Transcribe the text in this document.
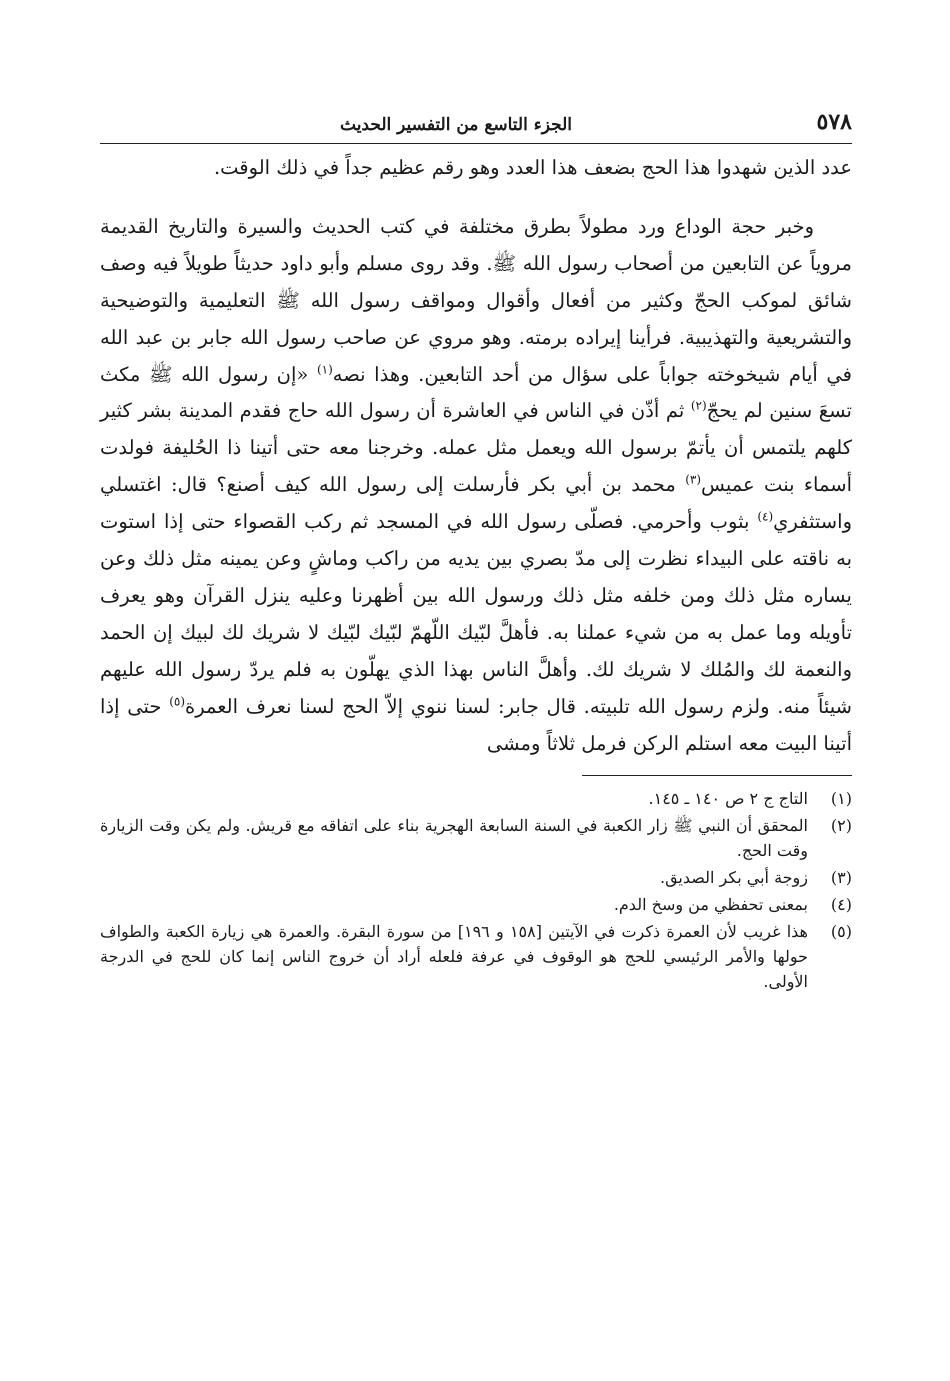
٥٧٨
الجزء التاسع من التفسير الحديث

عدد الذين شهدوا هذا الحج بضعف هذا العدد وهو رقم عظيم جداً في ذلك الوقت.

وخبر حجة الوداع ورد مطولاً بطرق مختلفة في كتب الحديث والسيرة والتاريخ القديمة مروياً عن التابعين من أصحاب رسول الله ﷺ. وقد روى مسلم وأبو داود حديثاً طويلاً فيه وصف شائق لموكب الحجّ وكثير من أفعال وأقوال ومواقف رسول الله ﷺ التعليمية والتوضيحية والتشريعية والتهذيبية. فرأينا إيراده برمته. وهو مروي عن صاحب رسول الله جابر بن عبد الله في أيام شيخوخته جواباً على سؤال من أحد التابعين. وهذا نصه$^{(١)}$ «إن رسول الله ﷺ مكث تسعَ سنين لم يحجّ$^{(٢)}$ ثم أذّن في الناس في العاشرة أن رسول الله حاج فقدم المدينة بشر كثير كلهم يلتمس أن يأتمّ برسول الله ويعمل مثل عمله. وخرجنا معه حتى أتينا ذا الحُليفة فولدت أسماء بنت عميس$^{(٣)}$ محمد بن أبي بكر فأرسلت إلى رسول الله كيف أصنع؟ قال: اغتسلي واستثفري$^{(٤)}$ بثوب وأحرمي. فصلّى رسول الله في المسجد ثم ركب القصواء حتى إذا استوت به ناقته على البيداء نظرت إلى مدّ بصري بين يديه من راكب وماشٍ وعن يمينه مثل ذلك وعن يساره مثل ذلك ومن خلفه مثل ذلك ورسول الله بين أظهرنا وعليه ينزل القرآن وهو يعرف تأويله وما عمل به من شيء عملنا به. فأهلَّ لبّيك اللّهمّ لبّيك لبّيك لا شريك لك لبيك إن الحمد والنعمة لك والمُلك لا شريك لك. وأهلَّ الناس بهذا الذي يهلّون به فلم يردّ رسول الله عليهم شيئاً منه. ولزم رسول الله تلبيته. قال جابر: لسنا ننوي إلاّ الحج لسنا نعرف العمرة$^{(٥)}$ حتى إذا أتينا البيت معه استلم الركن فرمل ثلاثاً ومشى

(١)
التاج ج ٢ ص ١٤٠ ـ ١٤٥.
(٢)
المحقق أن النبي ﷺ زار الكعبة في السنة السابعة الهجرية بناء على اتفاقه مع قريش. ولم يكن وقت الزيارة وقت الحج.
(٣)
زوجة أبي بكر الصديق.
(٤)
بمعنى تحفظي من وسخ الدم.
(٥)
هذا غريب لأن العمرة ذكرت في الآيتين [١٥٨ و ١٩٦] من سورة البقرة. والعمرة هي زيارة الكعبة والطواف حولها والأمر الرئيسي للحج هو الوقوف في عرفة فلعله أراد أن خروج الناس إنما كان للحج في الدرجة الأولى.
